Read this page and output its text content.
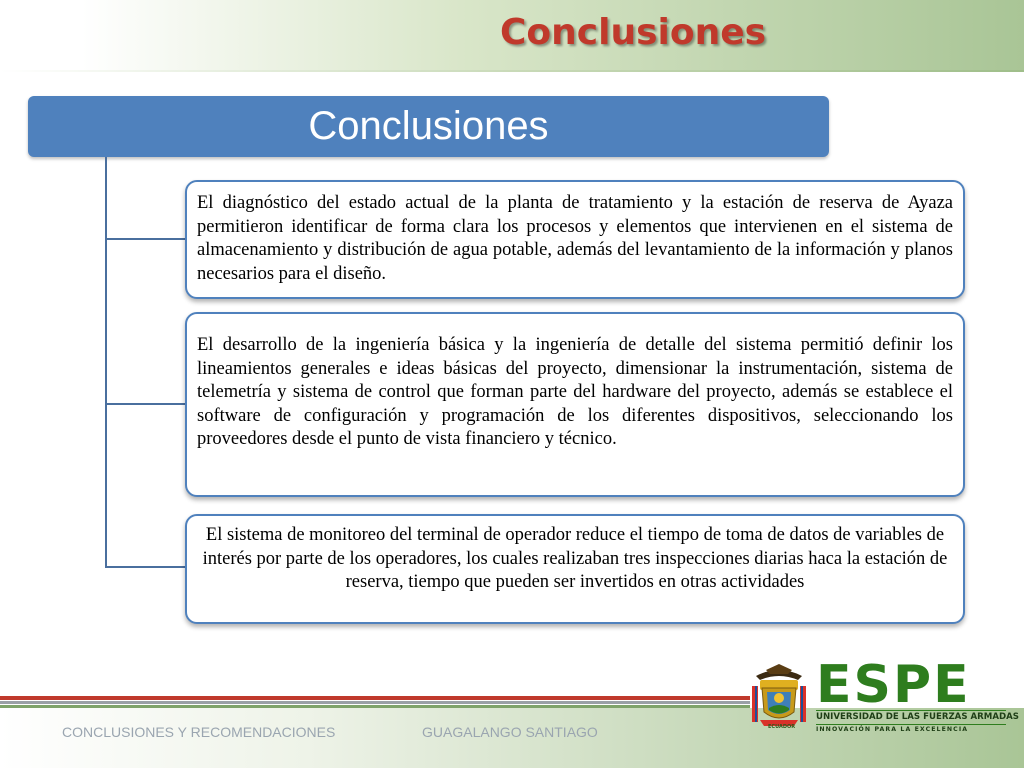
Conclusiones
Conclusiones

El diagnóstico del estado actual de la planta de tratamiento y la estación de reserva de Ayaza permitieron identificar de forma clara los procesos y elementos que intervienen en el sistema de almacenamiento y distribución de agua potable, además del levantamiento de la información y planos necesarios para el diseño.

El desarrollo de la ingeniería básica y la ingeniería de detalle del sistema permitió definir los lineamientos generales e ideas básicas del proyecto, dimensionar la instrumentación, sistema de telemetría y sistema de control que forman parte del hardware del proyecto, además se establece el software de configuración y programación de los diferentes dispositivos, seleccionando los proveedores desde el punto de vista financiero y técnico.

El sistema de monitoreo del terminal de operador reduce el tiempo de toma de datos de variables de interés por parte de los operadores, los cuales realizaban tres inspecciones diarias haca la estación de reserva, tiempo que pueden ser invertidos en otras actividades

CONCLUSIONES Y RECOMENDACIONES	GUAGALANGO SANTIAGO	ECUADOR
ESPE
UNIVERSIDAD DE LAS FUERZAS ARMADAS
INNOVACIÓN PARA LA EXCELENCIA
